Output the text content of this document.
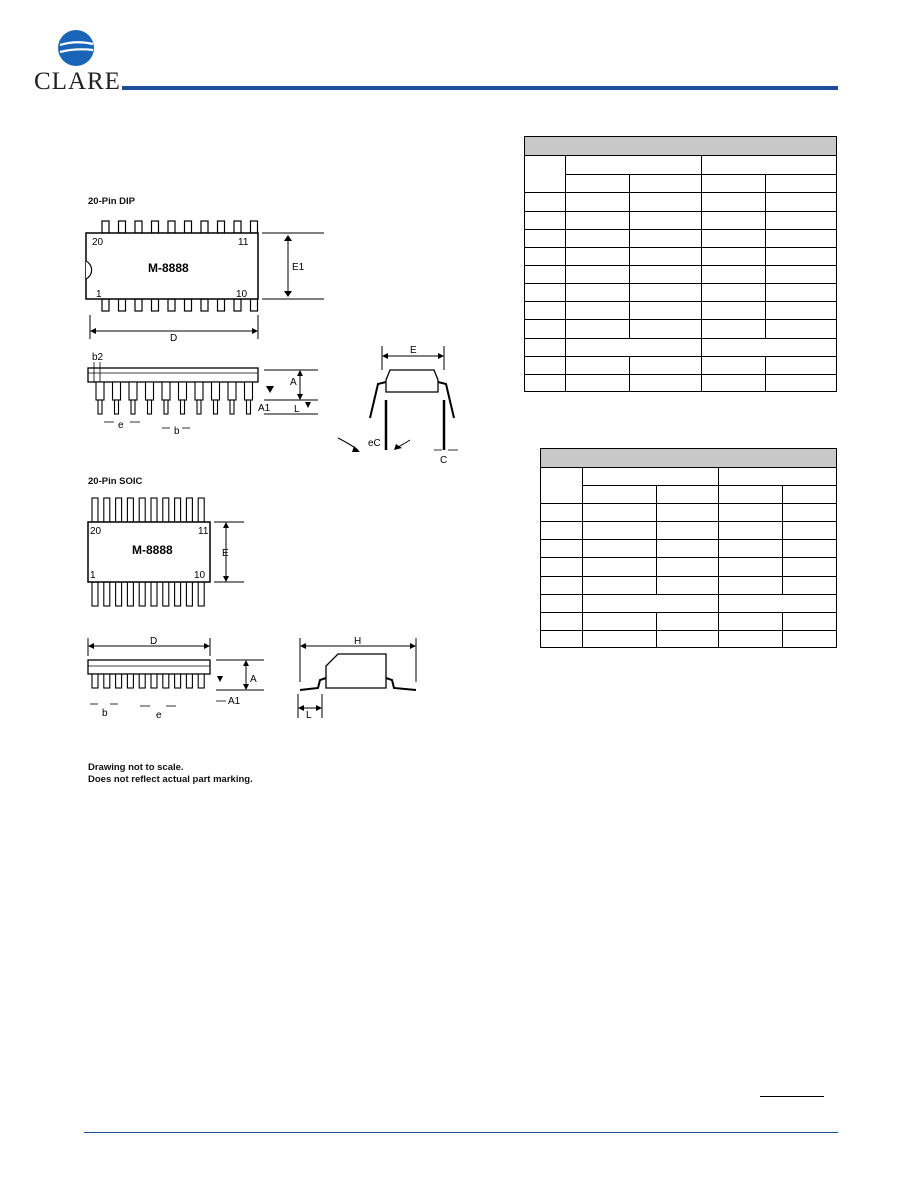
CLARE
20-Pin DIP
20	11
1	10
M-8888	E1
D
b2
A
A1 L
e
b
E
eC
C
20-Pin SOIC
20	11
1	10
M-8888	E
D
A
A1
b	e
H
L
Drawing not to scale.
Does not reflect actual part marking.
